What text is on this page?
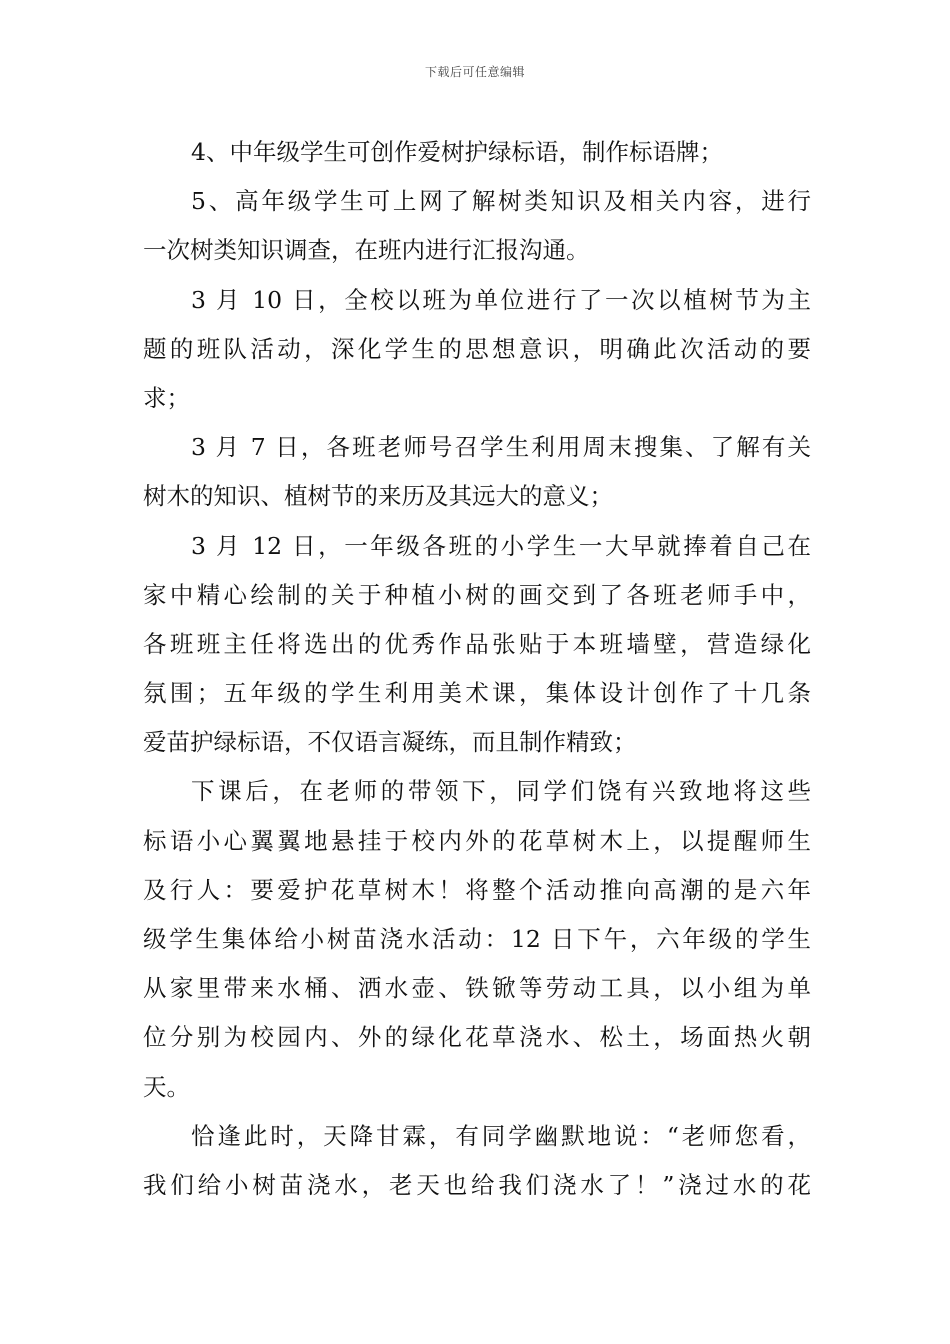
下载后可任意编辑
4、中年级学生可创作爱树护绿标语，制作标语牌；
5、高年级学生可上网了解树类知识及相关内容，进行
一次树类知识调查，在班内进行汇报沟通。
3 月 10 日，全校以班为单位进行了一次以植树节为主
题的班队活动，深化学生的思想意识，明确此次活动的要
求；
3 月 7 日，各班老师号召学生利用周末搜集、了解有关
树木的知识、植树节的来历及其远大的意义；
3 月 12 日，一年级各班的小学生一大早就捧着自己在
家中精心绘制的关于种植小树的画交到了各班老师手中，
各班班主任将选出的优秀作品张贴于本班墙壁，营造绿化
氛围；五年级的学生利用美术课，集体设计创作了十几条
爱苗护绿标语，不仅语言凝练，而且制作精致；
下课后，在老师的带领下，同学们饶有兴致地将这些
标语小心翼翼地悬挂于校内外的花草树木上，以提醒师生
及行人：要爱护花草树木！将整个活动推向高潮的是六年
级学生集体给小树苗浇水活动：12 日下午，六年级的学生
从家里带来水桶、洒水壶、铁锨等劳动工具，以小组为单
位分别为校园内、外的绿化花草浇水、松土，场面热火朝
天。
恰逢此时，天降甘霖，有同学幽默地说：“老师您看，
我们给小树苗浇水，老天也给我们浇水了！”浇过水的花
